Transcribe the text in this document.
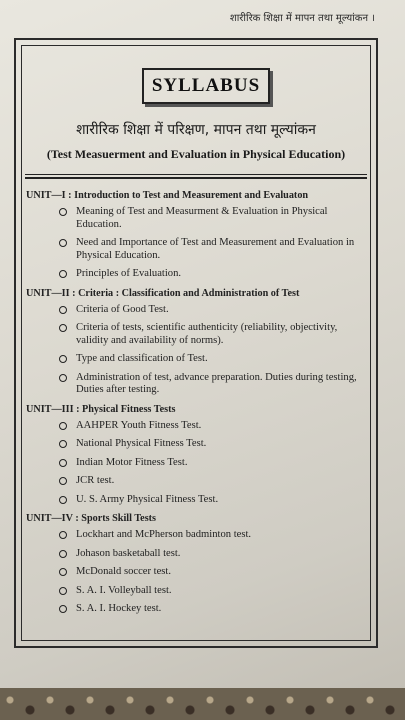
शारीरिक शिक्षा में मापन तथा मूल्यांकन ।
SYLLABUS
शारीरिक शिक्षा में परिक्षण, मापन तथा मूल्यांकन
(Test Measuerment and Evaluation in Physical Education)
UNIT—I : Introduction to Test and Measurement and Evaluaton
Meaning of Test and Measurment & Evaluation in Physical Education.
Need and Importance of Test and Measurement and Evaluation in Physical Education.
Principles of Evaluation.
UNIT—II : Criteria : Classification and Administration of Test
Criteria of Good Test.
Criteria of tests, scientific authenticity (reliability, objectivity, validity and availability of norms).
Type and classification of Test.
Administration of test, advance preparation. Duties during testing, Duties after testing.
UNIT—III : Physical Fitness Tests
AAHPER Youth Fitness Test.
National Physical Fitness Test.
Indian Motor Fitness Test.
JCR test.
U. S. Army Physical Fitness Test.
UNIT—IV : Sports Skill Tests
Lockhart and McPherson badminton test.
Johason basketaball test.
McDonald soccer test.
S. A. I. Volleyball test.
S. A. I. Hockey test.
